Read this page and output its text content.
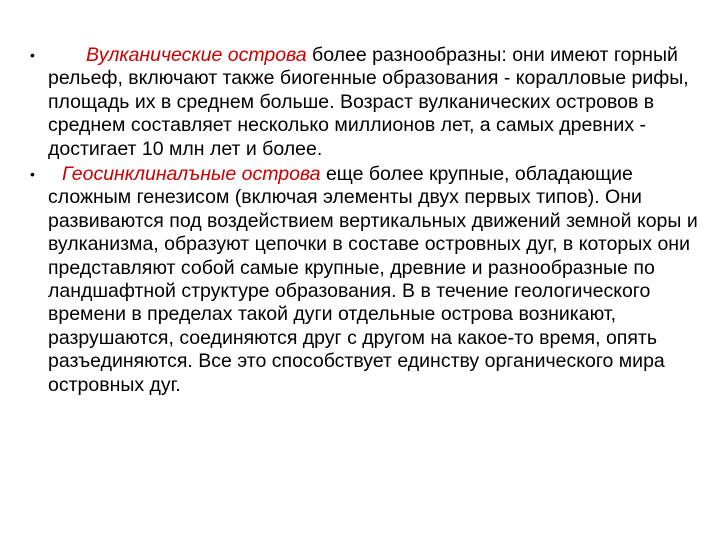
•	Вулканические острова более разнообразны: они имеют горный рельеф, включают также биогенные образования - коралловые рифы, площадь их в среднем больше. Возраст вулканических островов в среднем составляет несколько миллионов лет, а самых древних - достигает 10 млн лет и более.
• Геосинклиналъные острова еще более крупные, обладающие сложным генезисом (включая элементы двух первых типов). Они развиваются под воздействием вертикальных движений земной коры и вулканизма, образуют цепочки в составе островных дуг, в которых они представляют собой самые крупные, древние и разнообразные по ландшафтной структуре образования. В в течение геологического времени в пределах такой дуги отдельные острова возникают, разрушаются, соединяются друг с другом на какое-то время, опять разъединяются. Все это способствует единству органического мира островных дуг.
